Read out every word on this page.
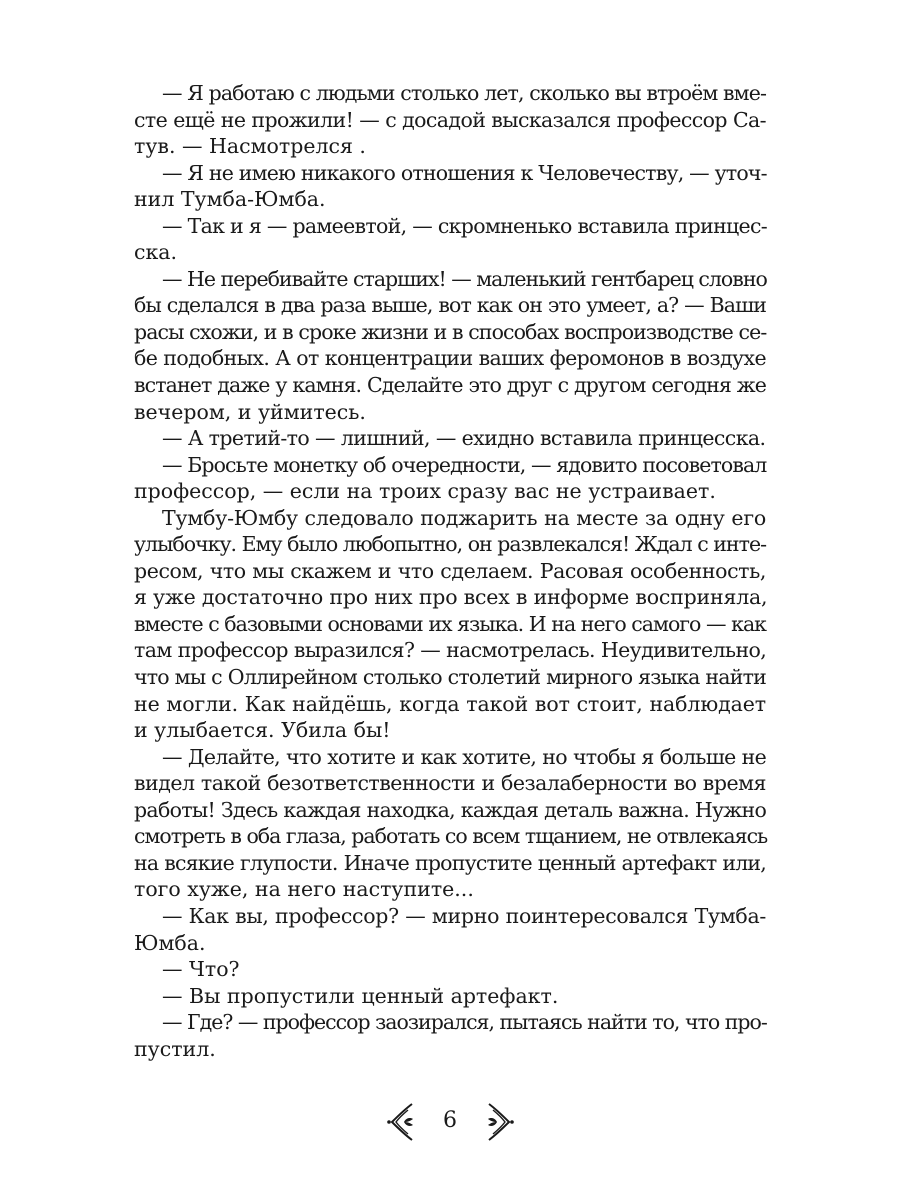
— Я работаю с людьми столько лет, сколько вы втроём вме-
сте ещё не прожили! — с досадой высказался профессор Са-
тув. — Насмотрелся .
— Я не имею никакого отношения к Человечеству, — уточ-
нил Тумба-Юмба.
— Так и я — рамеевтой, — скромненько вставила принцес-
ска.
— Не перебивайте старших! — маленький гентбарец словно
бы сделался в два раза выше, вот как он это умеет, а? — Ваши
расы схожи, и в сроке жизни и в способах воспроизводстве се-
бе подобных. А от концентрации ваших феромонов в воздухе
встанет даже у камня. Сделайте это друг с другом сегодня же
вечером, и уймитесь.
— А третий-то — лишний, — ехидно вставила принцесска.
— Бросьте монетку об очередности, — ядовито посоветовал
профессор, — если на троих сразу вас не устраивает.
Тумбу-Юмбу следовало поджарить на месте за одну его
улыбочку. Ему было любопытно, он развлекался! Ждал с инте-
ресом, что мы скажем и что сделаем. Расовая особенность,
я уже достаточно про них про всех в информе восприняла,
вместе с базовыми основами их языка. И на него самого — как
там профессор выразился? — насмотрелась. Неудивительно,
что мы с Оллирейном столько столетий мирного языка найти
не могли. Как найдёшь, когда такой вот стоит, наблюдает
и улыбается. Убила бы!
— Делайте, что хотите и как хотите, но чтобы я больше не
видел такой безответственности и безалаберности во время
работы! Здесь каждая находка, каждая деталь важна. Нужно
смотреть в оба глаза, работать со всем тщанием, не отвлекаясь
на всякие глупости. Иначе пропустите ценный артефакт или,
того хуже, на него наступите...
— Как вы, профессор? — мирно поинтересовался Тумба-
Юмба.
— Что?
— Вы пропустили ценный артефакт.
— Где? — профессор заозирался, пытаясь найти то, что про-
пустил.
6
